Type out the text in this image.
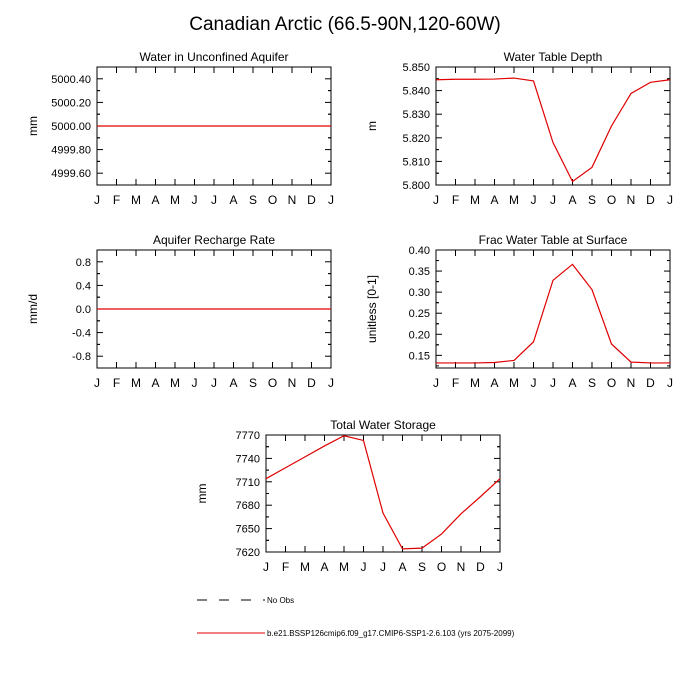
Canadian Arctic (66.5-90N,120-60W)
Water in Unconfined Aquifer
mm
J F M A M J J A S O N D J
4999.60
4999.80
5000.00
5000.20
5000.40
Water Table Depth
m
J F M A M J J A S O N D J
5.800
5.810
5.820
5.830
5.840
5.850
Aquifer Recharge Rate
mm/d
J F M A M J J A S O N D J
-0.8
-0.4
0.0
0.4
0.8
Frac Water Table at Surface
unitless [0-1]
J F M A M J J A S O N D J
0.15
0.20
0.25
0.30
0.35
0.40
Total Water Storage
mm
J F M A M J J A S O N D J
7620
7650
7680
7710
7740
7770
No Obs
b.e21.BSSP126cmip6.f09_g17.CMIP6-SSP1-2.6.103 (yrs 2075-2099)
